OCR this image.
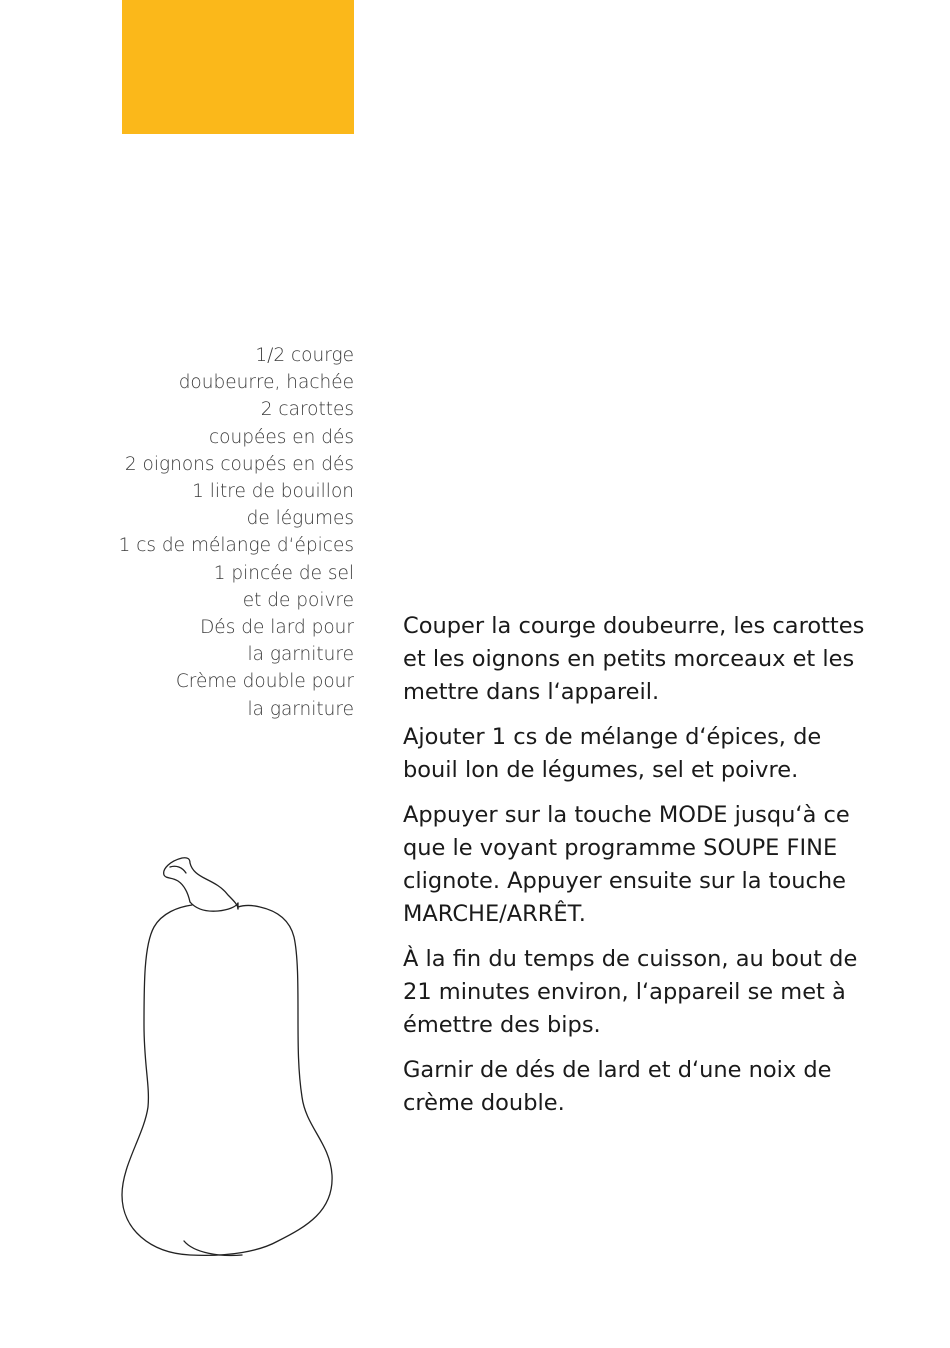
1/2 courge
doubeurre, hachée
2 carottes
coupées en dés
2 oignons coupés en dés
1 litre de bouillon
de légumes
1 cs de mélange d‘épices
1 pincée de sel
et de poivre
Dés de lard pour
la garniture
Crème double pour
la garniture

Couper la courge doubeurre, les carottes et les oignons en petits morceaux et les mettre dans l‘appareil.

Ajouter 1 cs de mélange d‘épices, de bouil lon de légumes, sel et poivre.

Appuyer sur la touche MODE jusqu‘à ce que le voyant programme SOUPE FINE clignote. Appuyer ensuite sur la touche MARCHE/ARRÊT.

À la fin du temps de cuisson, au bout de 21 minutes environ, l‘appareil se met à émettre des bips.

Garnir de dés de lard et d‘une noix de crème double.
